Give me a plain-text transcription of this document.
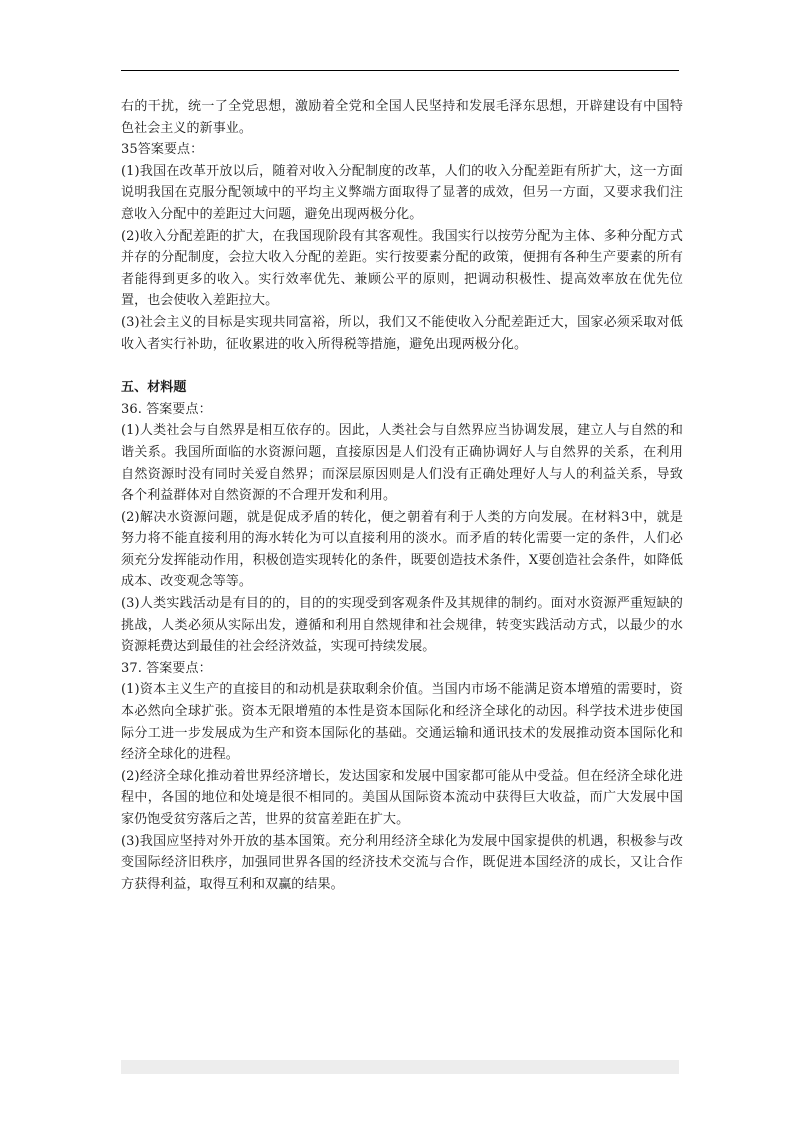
右的干扰，统一了全党思想，激励着全党和全国人民坚持和发展毛泽东思想，开辟建设有中国特色社会主义的新事业。

35答案要点：

(1)我国在改革开放以后，随着对收入分配制度的改革，人们的收入分配差距有所扩大，这一方面说明我国在克服分配领域中的平均主义弊端方面取得了显著的成效，但另一方面，又要求我们注意收入分配中的差距过大问题，避免出现两极分化。

(2)收入分配差距的扩大，在我国现阶段有其客观性。我国实行以按劳分配为主体、多种分配方式并存的分配制度，会拉大收入分配的差距。实行按要素分配的政策，便拥有各种生产要素的所有者能得到更多的收入。实行效率优先、兼顾公平的原则，把调动积极性、提高效率放在优先位置，也会使收入差距拉大。

(3)社会主义的目标是实现共同富裕，所以，我们又不能使收入分配差距迁大，国家必须采取对低收入者实行补助，征收累进的收入所得税等措施，避免出现两极分化。

五、材料题

36. 答案要点：

(1)人类社会与自然界是相互依存的。因此，人类社会与自然界应当协调发展，建立人与自然的和谐关系。我国所面临的水资源问题，直接原因是人们没有正确协调好人与自然界的关系，在利用自然资源时没有同时关爱自然界；而深层原因则是人们没有正确处理好人与人的利益关系，导致各个利益群体对自然资源的不合理开发和利用。

(2)解决水资源问题，就是促成矛盾的转化，便之朝着有利于人类的方向发展。在材料3中，就是努力将不能直接利用的海水转化为可以直接利用的淡水。而矛盾的转化需要一定的条件，人们必须充分发挥能动作用，积极创造实现转化的条件，既要创造技术条件，X要创造社会条件，如降低成本、改变观念等等。

(3)人类实践活动是有目的的，目的的实现受到客观条件及其规律的制约。面对水资源严重短缺的挑战，人类必须从实际出发，遵循和利用自然规律和社会规律，转变实践活动方式，以最少的水资源耗费达到最佳的社会经济效益，实现可持续发展。

37. 答案要点：

(1)资本主义生产的直接目的和动机是获取剩余价值。当国内市场不能满足资本增殖的需要时，资本必然向全球扩张。资本无限增殖的本性是资本国际化和经济全球化的动因。科学技术进步使国际分工进一步发展成为生产和资本国际化的基础。交通运输和通讯技术的发展推动资本国际化和经济全球化的进程。

(2)经济全球化推动着世界经济增长，发达国家和发展中国家都可能从中受益。但在经济全球化进程中，各国的地位和处境是很不相同的。美国从国际资本流动中获得巨大收益，而广大发展中国家仍饱受贫穷落后之苦，世界的贫富差距在扩大。

(3)我国应坚持对外开放的基本国策。充分利用经济全球化为发展中国家提供的机遇，积极参与改变国际经济旧秩序，加强同世界各国的经济技术交流与合作，既促进本国经济的成长，又让合作方获得利益，取得互利和双赢的结果。
